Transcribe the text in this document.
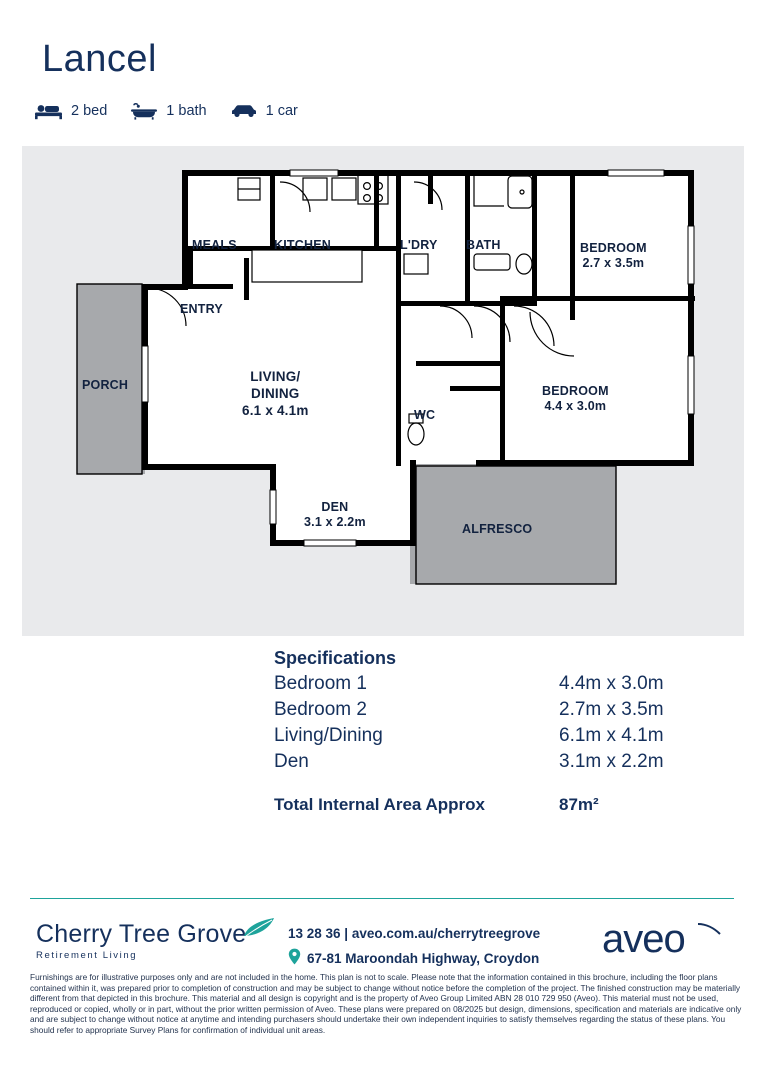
Lancel
2 bed	1 bath	1 car
MEALS	KITCHEN	L'DRY BATH	BEDROOM
2.7 x 3.5m
ENTRY
PORCH
LIVING/
DINING
6.1 x 4.1m	WC
BEDROOM
4.4 x 3.0m
DEN
3.1 x 2.2m	ALFRESCO
Specifications
Bedroom 1	4.4m x 3.0m
Bedroom 2	2.7m x 3.5m
Living/Dining	6.1m x 4.1m
Den	3.1m x 2.2m
Total Internal Area Approx	87m²
Cherry Tree Grove
Retirement Living
13 28 36 | aveo.com.au/cherrytreegrove
67-81 Maroondah Highway, Croydon aveo
Furnishings are for illustrative purposes only and are not included in the home. This plan is not to scale. Please note that the information contained in this brochure, including the floor plans contained within it, was prepared prior to completion of construction and may be subject to change without notice before the completion of the project. The finished construction may be materially different from that depicted in this brochure. This material and all design is copyright and is the property of Aveo Group Limited ABN 28 010 729 950 (Aveo). This material must not be used, reproduced or copied, wholly or in part, without the prior written permission of Aveo. These plans were prepared on 08/2025 but design, dimensions, specification and materials are indicative only and are subject to change without notice at anytime and intending purchasers should undertake their own independent inquiries to satisfy themselves regarding the status of these plans. You should refer to appropriate Survey Plans for confirmation of individual unit areas.
